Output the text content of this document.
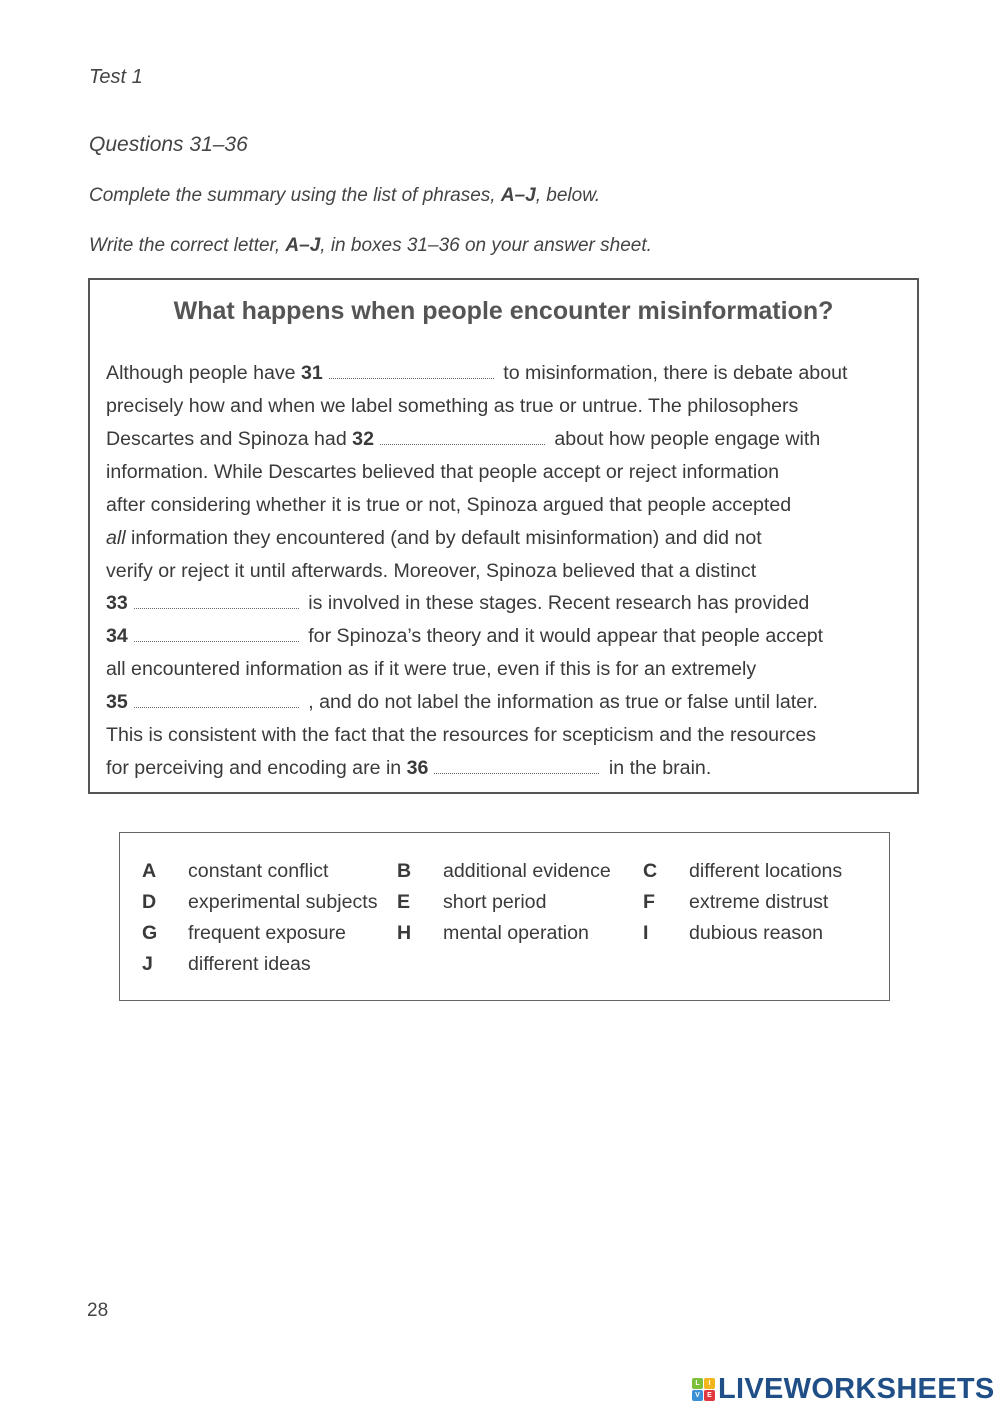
Test 1
Questions 31–36
Complete the summary using the list of phrases, A–J, below.
Write the correct letter, A–J, in boxes 31–36 on your answer sheet.
What happens when people encounter misinformation?
Although people have 31	to misinformation, there is debate about
precisely how and when we label something as true or untrue. The philosophers
Descartes and Spinoza had 32	about how people engage with
information. While Descartes believed that people accept or reject information
after considering whether it is true or not, Spinoza argued that people accepted
all information they encountered (and by default misinformation) and did not
verify or reject it until afterwards. Moreover, Spinoza believed that a distinct
33	is involved in these stages. Recent research has provided
34	for Spinoza’s theory and it would appear that people accept
all encountered information as if it were true, even if this is for an extremely
35	, and do not label the information as true or false until later.
This is consistent with the fact that the resources for scepticism and the resources
for perceiving and encoding are in 36	in the brain.
A constant conflict	B additional evidence C different locations
D experimental subjects E short period	F extreme distrust
G frequent exposure	H mental operation	I dubious reason
J different ideas
28
L	I
V	E LIVEWORKSHEETS
